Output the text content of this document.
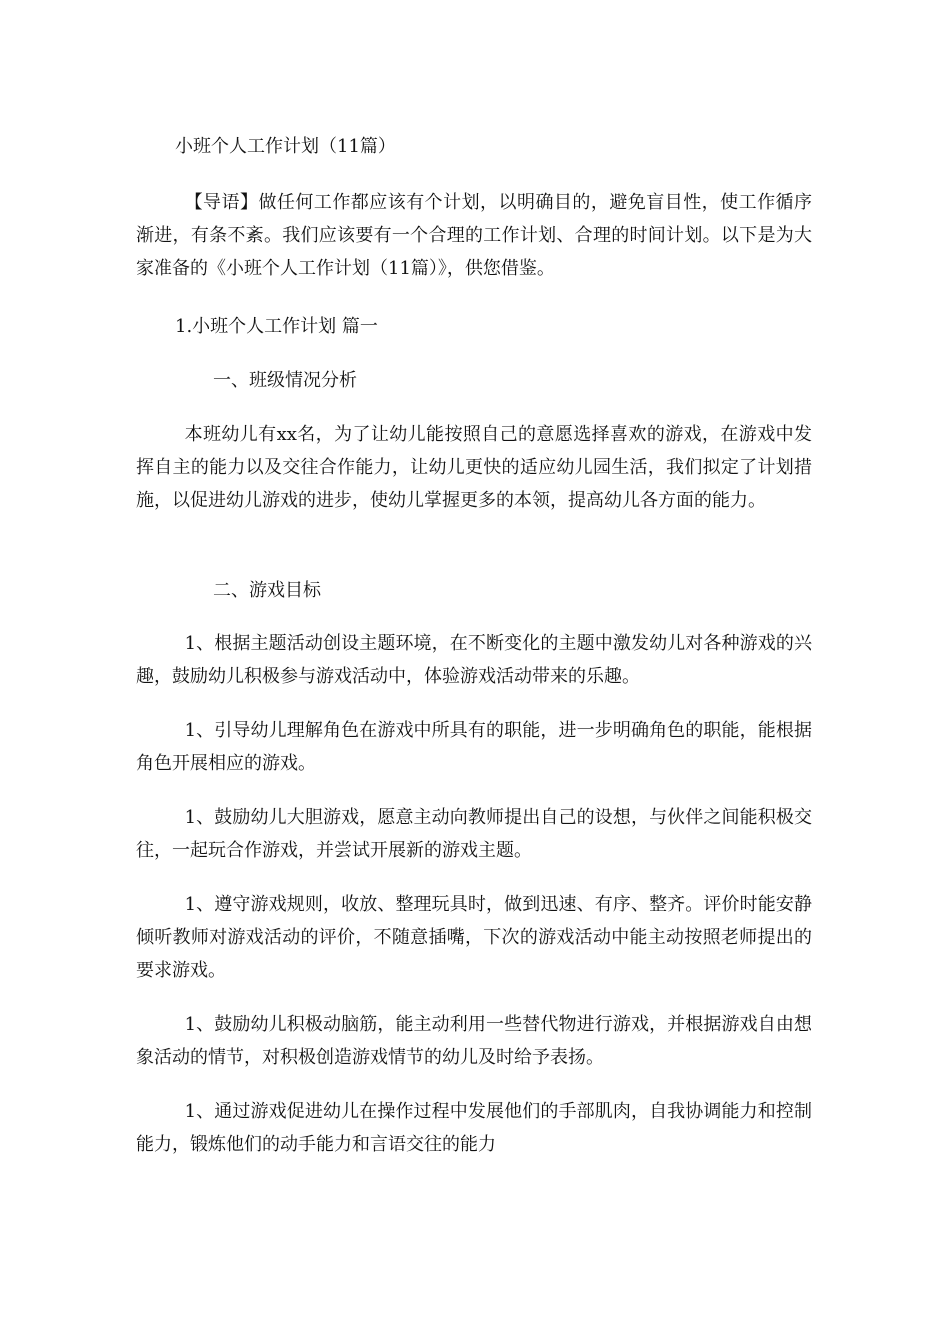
小班个人工作计划（11篇）

【导语】做任何工作都应该有个计划，以明确目的，避免盲目性，使工作循序渐进，有条不紊。我们应该要有一个合理的工作计划、合理的时间计划。以下是为大家准备的《小班个人工作计划（11篇）》，供您借鉴。

1.小班个人工作计划 篇一

一、班级情况分析

本班幼儿有xx名，为了让幼儿能按照自己的意愿选择喜欢的游戏，在游戏中发挥自主的能力以及交往合作能力，让幼儿更快的适应幼儿园生活，我们拟定了计划措施，以促进幼儿游戏的进步，使幼儿掌握更多的本领，提高幼儿各方面的能力。

二、游戏目标

1、根据主题活动创设主题环境，在不断变化的主题中激发幼儿对各种游戏的兴趣，鼓励幼儿积极参与游戏活动中，体验游戏活动带来的乐趣。

1、引导幼儿理解角色在游戏中所具有的职能，进一步明确角色的职能，能根据角色开展相应的游戏。

1、鼓励幼儿大胆游戏，愿意主动向教师提出自己的设想，与伙伴之间能积极交往，一起玩合作游戏，并尝试开展新的游戏主题。

1、遵守游戏规则，收放、整理玩具时，做到迅速、有序、整齐。评价时能安静倾听教师对游戏活动的评价，不随意插嘴，下次的游戏活动中能主动按照老师提出的要求游戏。

1、鼓励幼儿积极动脑筋，能主动利用一些替代物进行游戏，并根据游戏自由想象活动的情节，对积极创造游戏情节的幼儿及时给予表扬。

1、通过游戏促进幼儿在操作过程中发展他们的手部肌肉，自我协调能力和控制能力，锻炼他们的动手能力和言语交往的能力
